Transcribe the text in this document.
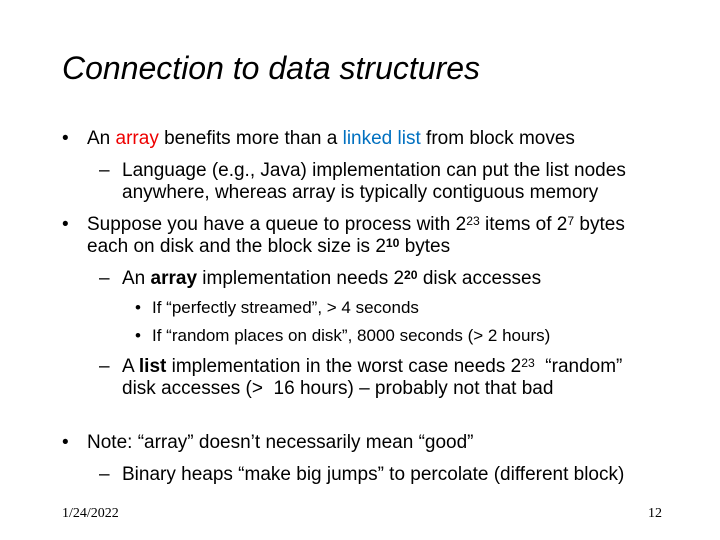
Connection to data structures
• An array benefits more than a linked list from block moves
– Language (e.g., Java) implementation can put the list nodes
anywhere, whereas array is typically contiguous memory
• Suppose you have a queue to process with $2^{23}$ items of $2^7$ bytes
each on disk and the block size is $2^{10}$ bytes
– An array implementation needs $2^{20}$ disk accesses
• If “perfectly streamed”, > 4 seconds
• If “random places on disk”, 8000 seconds (> 2 hours)
– A list implementation in the worst case needs $2^{23}$  “random”
disk accesses (>  16 hours) – probably not that bad
• Note: “array” doesn’t necessarily mean “good”
– Binary heaps “make big jumps” to percolate (different block)
1/24/2022	12
